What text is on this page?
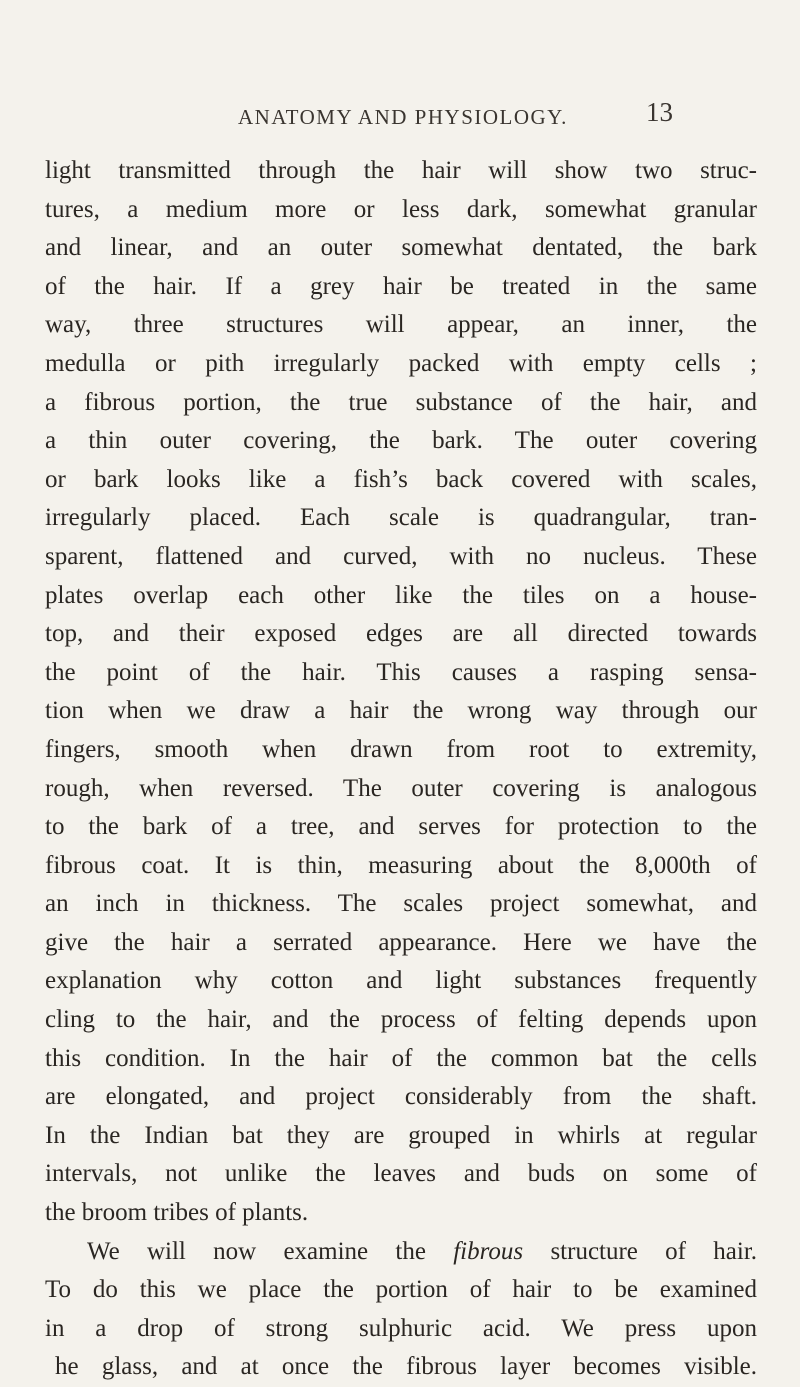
ANATOMY AND PHYSIOLOGY.	13
light transmitted through the hair will show two struc-
tures, a medium more or less dark, somewhat granular
and linear, and an outer somewhat dentated, the bark
of the hair. If a grey hair be treated in the same
way, three structures will appear, an inner, the
medulla or pith irregularly packed with empty cells ;
a fibrous portion, the true substance of the hair, and
a thin outer covering, the bark. The outer covering
or bark looks like a fish’s back covered with scales,
irregularly placed. Each scale is quadrangular, tran-
sparent, flattened and curved, with no nucleus. These
plates overlap each other like the tiles on a house-
top, and their exposed edges are all directed towards
the point of the hair. This causes a rasping sensa-
tion when we draw a hair the wrong way through our
fingers, smooth when drawn from root to extremity,
rough, when reversed. The outer covering is analogous
to the bark of a tree, and serves for protection to the
fibrous coat. It is thin, measuring about the 8,000th of
an inch in thickness. The scales project somewhat, and
give the hair a serrated appearance. Here we have the
explanation why cotton and light substances frequently
cling to the hair, and the process of felting depends upon
this condition. In the hair of the common bat the cells
are elongated, and project considerably from the shaft.
In the Indian bat they are grouped in whirls at regular
intervals, not unlike the leaves and buds on some of
the broom tribes of plants.
We will now examine the fibrous structure of hair.
To do this we place the portion of hair to be examined
in a drop of strong sulphuric acid. We press upon
he glass, and at once the fibrous layer becomes visible.
